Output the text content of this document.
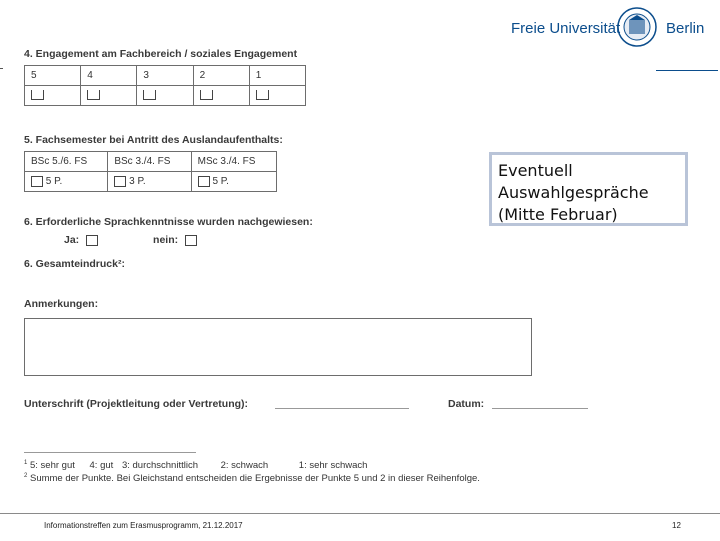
Freie Universität	Berlin
4. Engagement am Fachbereich / soziales Engagement
5	4	3	2	1

5. Fachsemester bei Antritt des Auslandaufenthalts:
BSc 5./6. FS	BSc 3./4. FS	MSc 3./4. FS
5 P.	3 P.	5 P.
6. Erforderliche Sprachkenntnisse wurden nachgewiesen:
Ja:	nein:
6. Gesamteindruck²:
Anmerkungen:
Unterschrift (Projektleitung oder Vertretung):	Datum:
$^1$ 5: sehr gut 4: gut 3: durchschnittlich 2: schwach	1: sehr schwach
$^2$ Summe der Punkte. Bei Gleichstand entscheiden die Ergebnisse der Punkte 5 und 2 in dieser Reihenfolge.
Eventuell Auswahlgespräche (Mitte Februar)
Informationstreffen zum Erasmusprogramm, 21.12.2017	12
